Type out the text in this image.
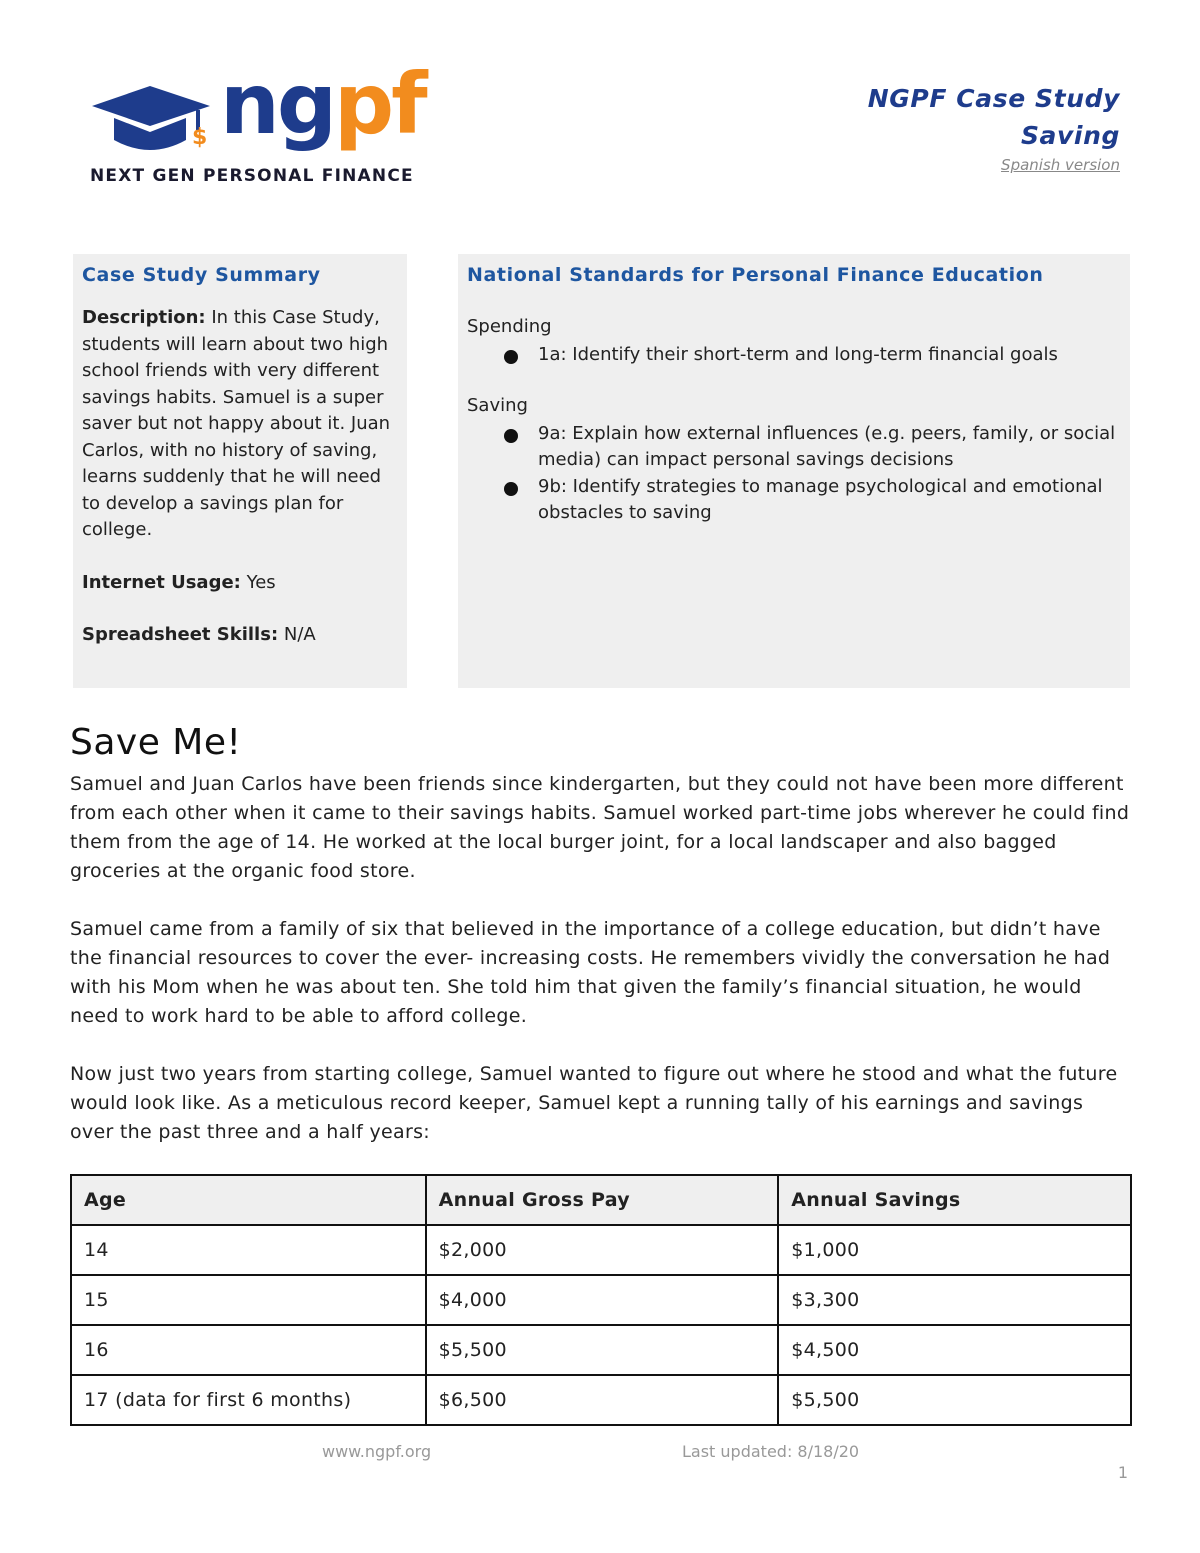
$ ngpf
NEXT GEN PERSONAL FINANCE
NGPF Case Study
Saving
Spanish version
Case Study Summary
Description: In this Case Study, students will learn about two high school friends with very different savings habits. Samuel is a super saver but not happy about it. Juan Carlos, with no history of saving, learns suddenly that he will need to develop a savings plan for college.
Internet Usage: Yes
Spreadsheet Skills: N/A
National Standards for Personal Finance Education
Spending
1a: Identify their short-term and long-term financial goals
Saving
9a: Explain how external influences (e.g. peers, family, or social media) can impact personal savings decisions
9b: Identify strategies to manage psychological and emotional obstacles to saving
Save Me!

Samuel and Juan Carlos have been friends since kindergarten, but they could not have been more different from each other when it came to their savings habits. Samuel worked part-time jobs wherever he could find them from the age of 14. He worked at the local burger joint, for a local landscaper and also bagged groceries at the organic food store.

Samuel came from a family of six that believed in the importance of a college education, but didn’t have the financial resources to cover the ever- increasing costs. He remembers vividly the conversation he had with his Mom when he was about ten. She told him that given the family’s financial situation, he would need to work hard to be able to afford college.

Now just two years from starting college, Samuel wanted to figure out where he stood and what the future would look like. As a meticulous record keeper, Samuel kept a running tally of his earnings and savings over the past three and a half years:

Age	Annual Gross Pay	Annual Savings
14	$2,000	$1,000
15	$4,000	$3,300
16	$5,500	$4,500
17 (data for first 6 months)	$6,500	$5,500
www.ngpf.org	Last updated: 8/18/20
1
